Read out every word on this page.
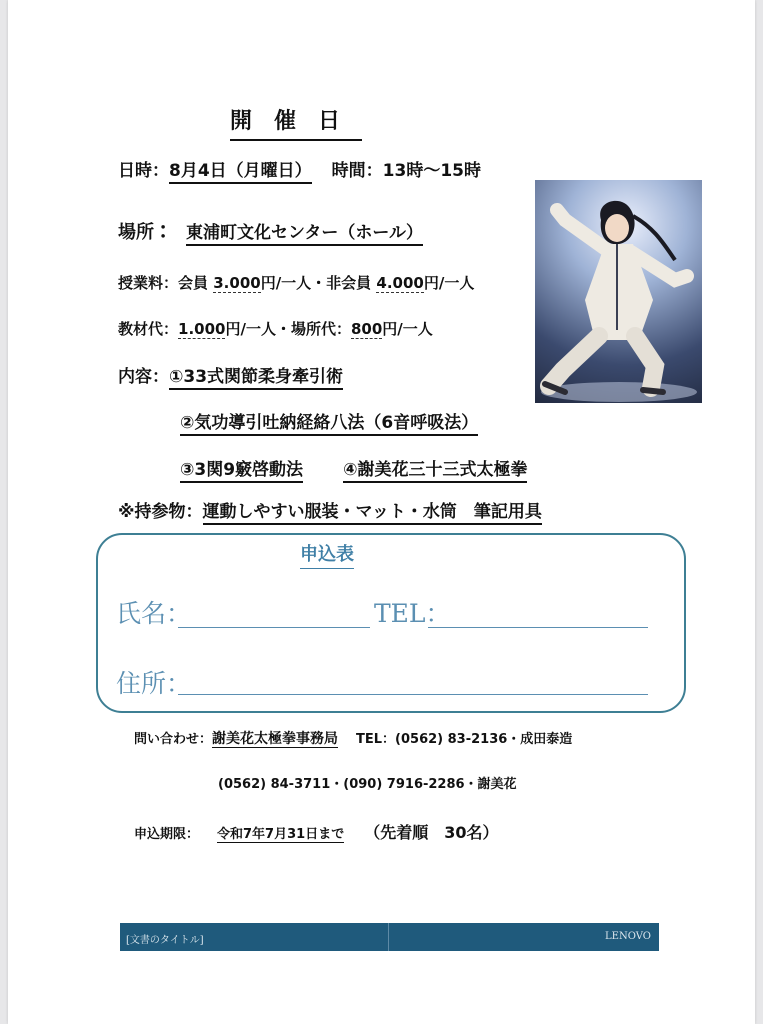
開催日
日時：8月4日（月曜日） 時間：13時〜15時
場所 ： 東浦町文化センター（ホール）
授業料：会員 3.000円/一人・非会員 4.000円/一人
教材代：1.000円/一人・場所代：800円/一人
内容：①33式関節柔身牽引術
②気功導引吐納経絡八法（6音呼吸法）
③3関9竅啓動法 ④謝美花三十三式太極拳
※持参物：運動しやすい服装・マット・水筒　筆記用具
申込表
氏名：	TEL：
住所：
問い合わせ：謝美花太極拳事務局 TEL：(0562) 83-2136・成田泰造
(0562) 84-3711・(090) 7916-2286・謝美花
申込期限： 令和7年7月31日まで （先着順　30名）
[文書のタイトル]	LENOVO
